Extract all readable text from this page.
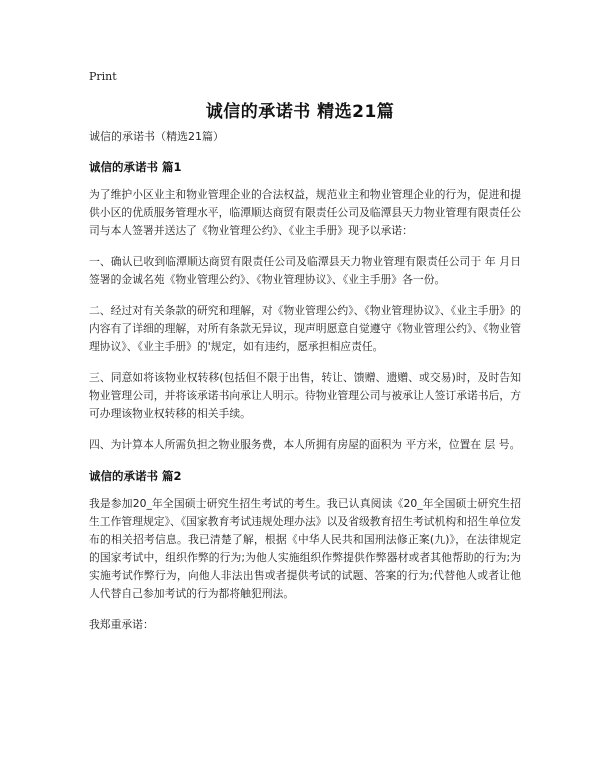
Print
诚信的承诺书 精选21篇
诚信的承诺书（精选21篇）
诚信的承诺书 篇1

为了维护小区业主和物业管理企业的合法权益，规范业主和物业管理企业的行为，促进和提供小区的优质服务管理水平，临潭顺达商贸有限责任公司及临潭县天力物业管理有限责任公司与本人签署并送达了《物业管理公约》、《业主手册》现予以承诺：

一、确认已收到临潭顺达商贸有限责任公司及临潭县天力物业管理有限责任公司于 年 月日签署的金诚名苑《物业管理公约》、《物业管理协议》、《业主手册》各一份。

二、经过对有关条款的研究和理解，对《物业管理公约》、《物业管理协议》、《业主手册》的内容有了详细的理解，对所有条款无异议，现声明愿意自觉遵守《物业管理公约》、《物业管理协议》、《业主手册》的'规定，如有违约，愿承担相应责任。

三、同意如将该物业权转移(包括但不限于出售，转让、馈赠、遗赠、或交易)时，及时告知物业管理公司，并将该承诺书向承让人明示。待物业管理公司与被承让人签订承诺书后，方可办理该物业权转移的相关手续。

四、为计算本人所需负担之物业服务费，本人所拥有房屋的面积为 平方米，位置在 层 号。

诚信的承诺书 篇2

我是参加20_年全国硕士研究生招生考试的考生。我已认真阅读《20_年全国硕士研究生招生工作管理规定》、《国家教育考试违规处理办法》以及省级教育招生考试机构和招生单位发布的相关招考信息。我已清楚了解，根据《中华人民共和国刑法修正案(九)》，在法律规定的国家考试中，组织作弊的行为;为他人实施组织作弊提供作弊器材或者其他帮助的行为;为实施考试作弊行为，向他人非法出售或者提供考试的试题、答案的行为;代替他人或者让他人代替自己参加考试的行为都将触犯刑法。

我郑重承诺：
